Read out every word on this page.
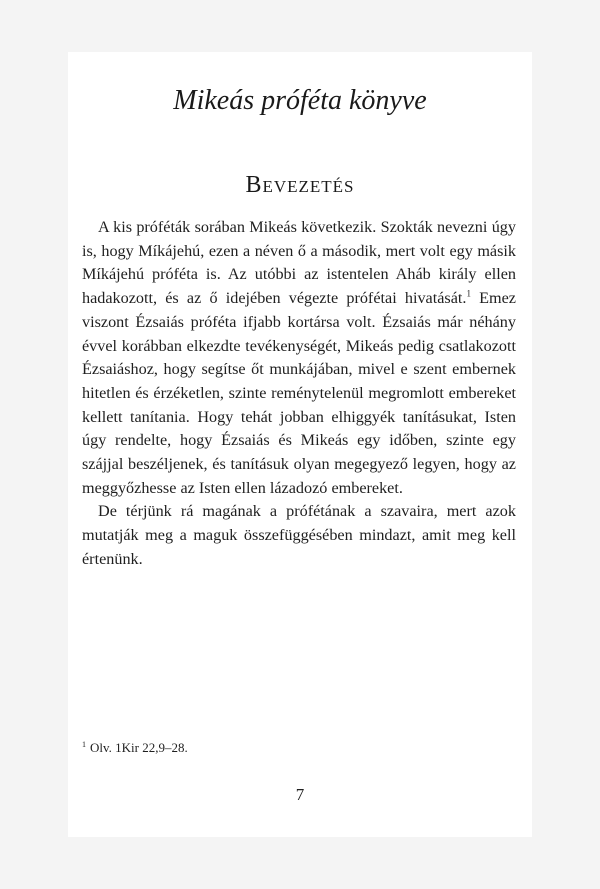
Mikeás próféta könyve
Bevezetés

A kis próféták sorában Mikeás következik. Szokták nevezni úgy is, hogy Míkájehú, ezen a néven ő a második, mert volt egy másik Míkájehú próféta is. Az utóbbi az istentelen Aháb király ellen hadakozott, és az ő idejében végezte prófétai hivatását.$^1$ Emez viszont Ézsaiás próféta ifjabb kortársa volt. Ézsaiás már néhány évvel korábban elkezdte tevékenységét, Mikeás pedig csatlakozott Ézsaiáshoz, hogy segítse őt munkájában, mivel e szent embernek hitetlen és érzéketlen, szinte reménytelenül megromlott embereket kellett tanítania. Hogy tehát jobban elhiggyék tanításukat, Isten úgy rendelte, hogy Ézsaiás és Mikeás egy időben, szinte egy szájjal beszéljenek, és tanításuk olyan megegyező legyen, hogy az meggyőzhesse az Isten ellen lázadozó embereket.

De térjünk rá magának a prófétának a szavaira, mert azok mutatják meg a maguk összefüggésében mindazt, amit meg kell értenünk.

$^1$ Olv. 1Kir 22,9–28.
7
